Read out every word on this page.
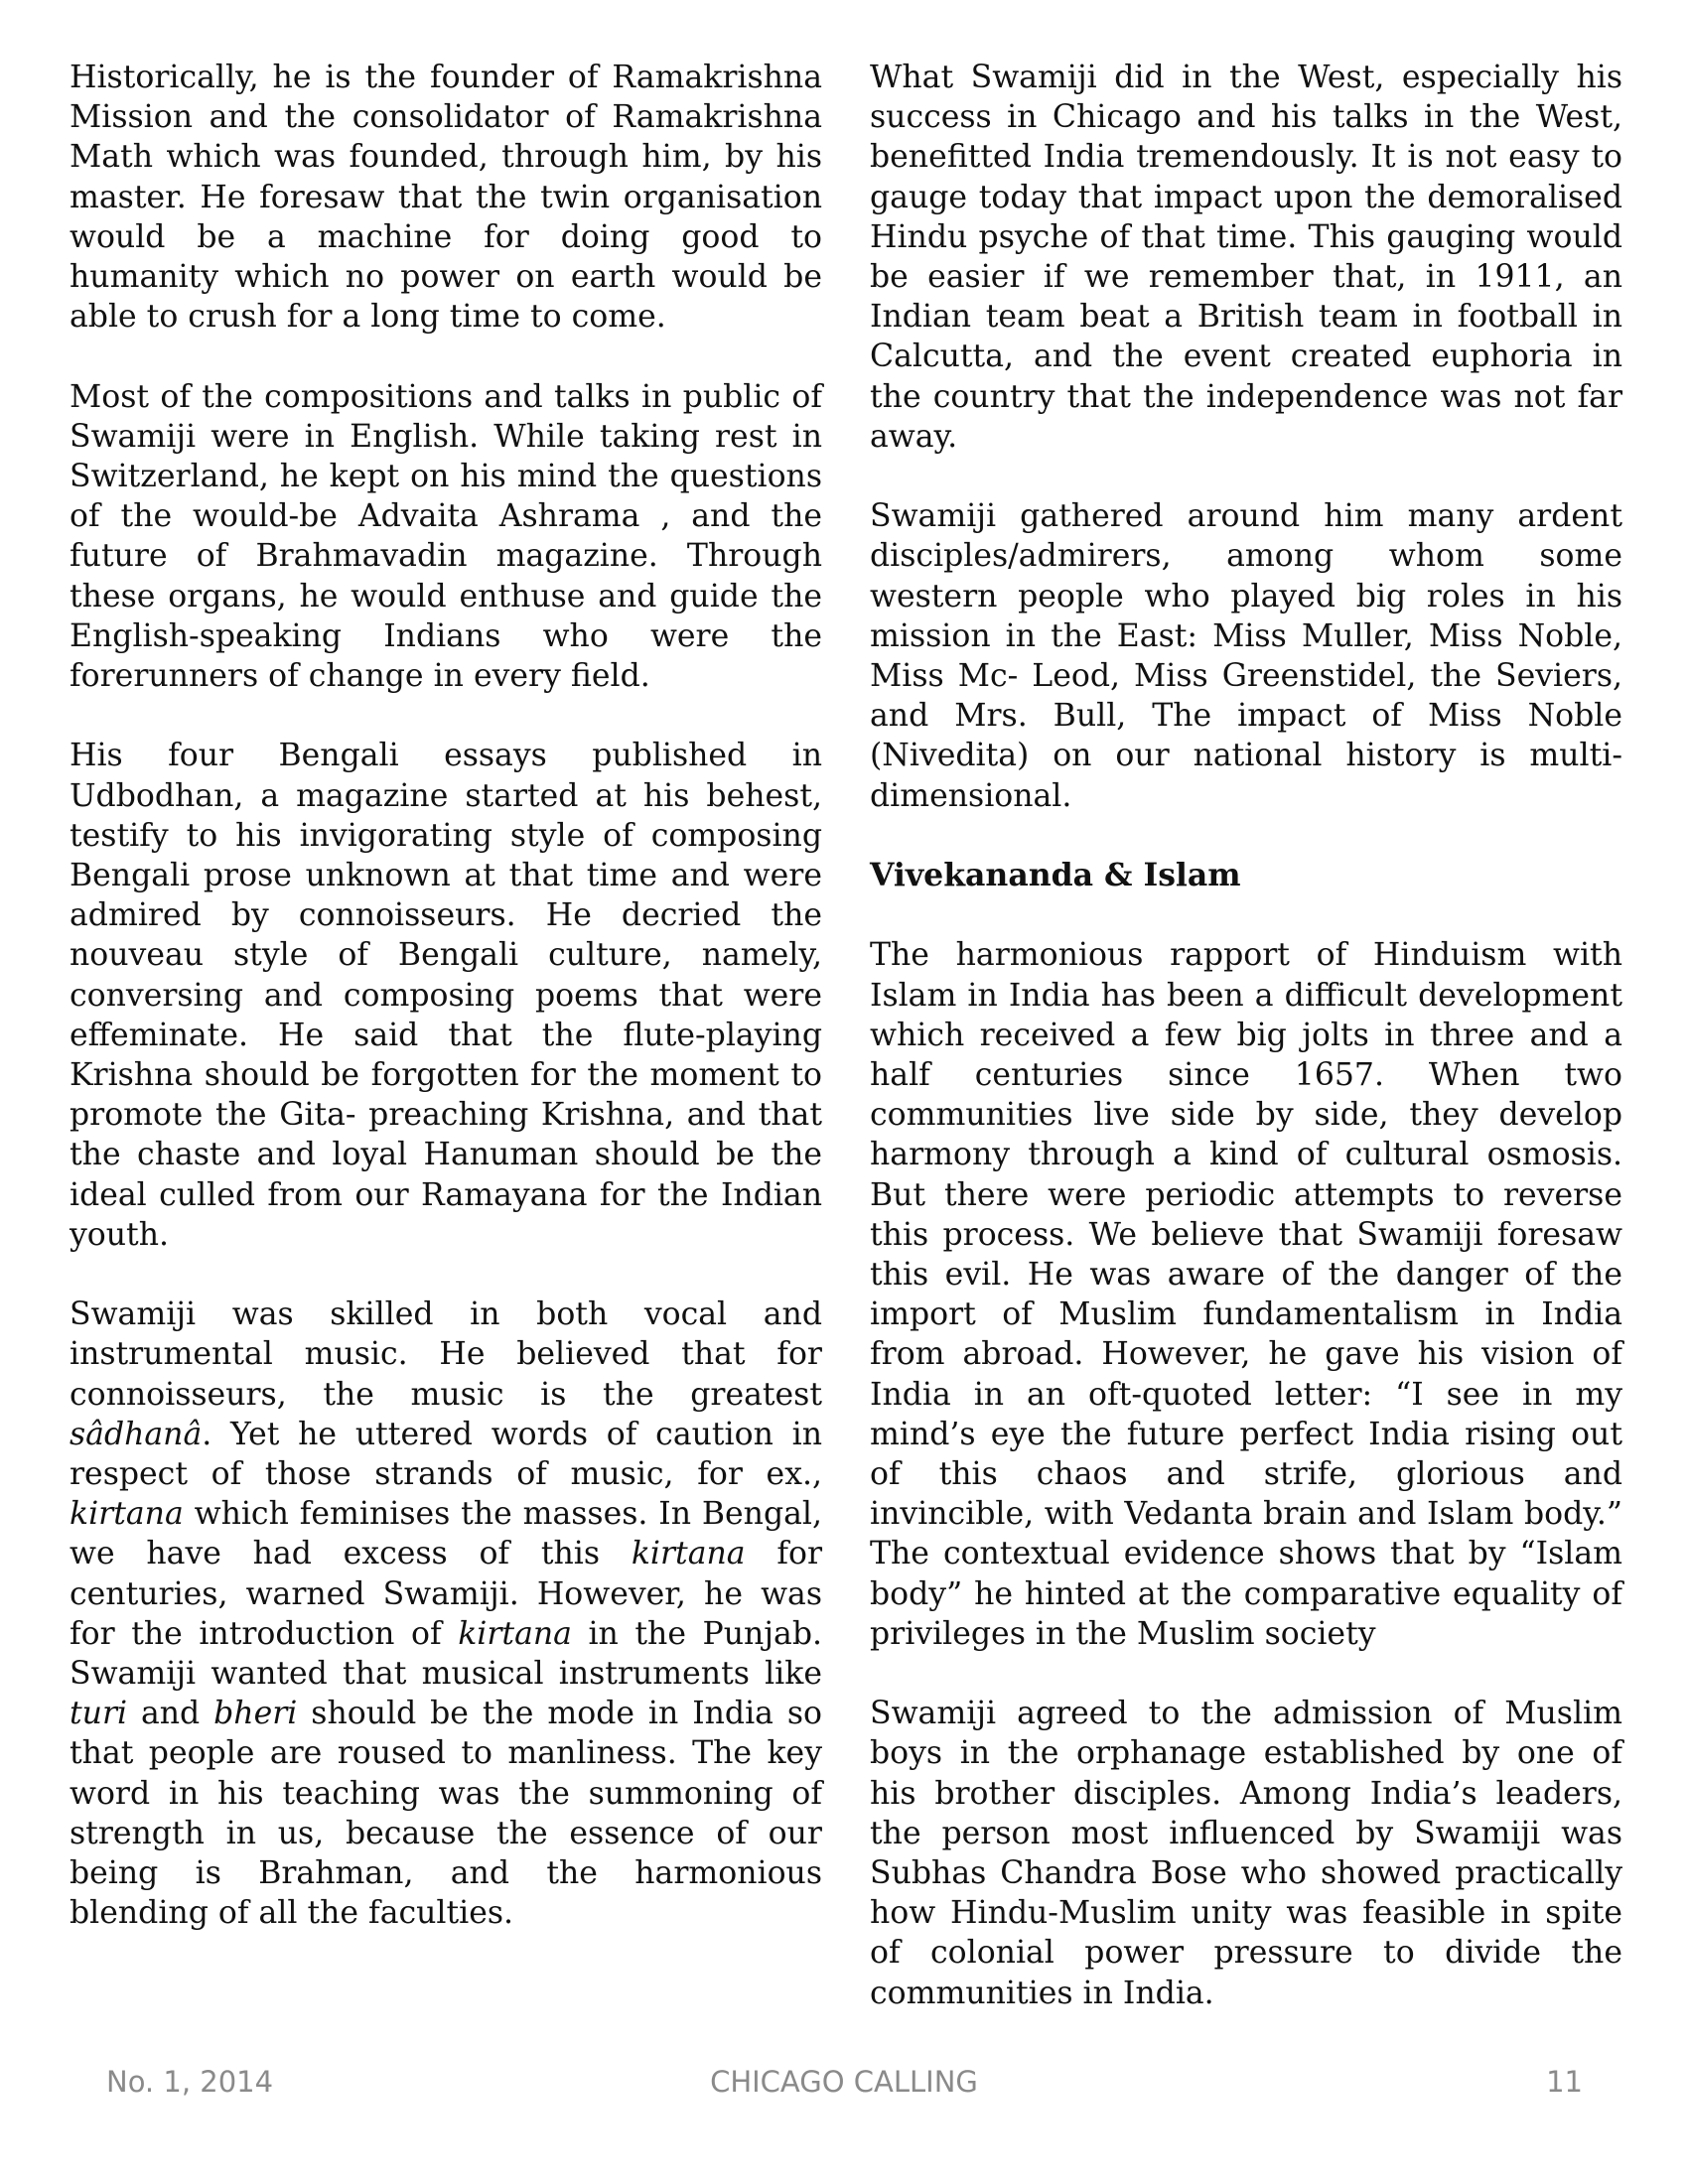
Historically, he is the founder of Ramakrishna Mission and the consolidator of Ramakrishna Math which was founded, through him, by his master. He foresaw that the twin organisation would be a machine for doing good to humanity which no power on earth would be able to crush for a long time to come.

Most of the compositions and talks in public of Swamiji were in English. While taking rest in Switzerland, he kept on his mind the questions of the would-be Advaita Ashrama , and the future of Brahmavadin magazine. Through these organs, he would enthuse and guide the English-speaking Indians who were the forerunners of change in every field.

His four Bengali essays published in Udbodhan, a magazine started at his behest, testify to his invigorating style of composing Bengali prose unknown at that time and were admired by connoisseurs. He decried the nouveau style of Bengali culture, namely, conversing and composing poems that were effeminate. He said that the flute-playing Krishna should be forgotten for the moment to promote the Gita- preaching Krishna, and that the chaste and loyal Hanuman should be the ideal culled from our Ramayana for the Indian youth.

Swamiji was skilled in both vocal and instrumental music. He believed that for connoisseurs, the music is the greatest sâdhanâ. Yet he uttered words of caution in respect of those strands of music, for ex., kirtana which feminises the masses. In Bengal, we have had excess of this kirtana for centuries, warned Swamiji. However, he was for the introduction of kirtana in the Punjab. Swamiji wanted that musical instruments like turi and bheri should be the mode in India so that people are roused to manliness. The key word in his teaching was the summoning of strength in us, because the essence of our being is Brahman, and the harmonious blending of all the faculties.

What Swamiji did in the West, especially his success in Chicago and his talks in the West, benefitted India tremendously. It is not easy to gauge today that impact upon the demoralised Hindu psyche of that time. This gauging would be easier if we remember that, in 1911, an Indian team beat a British team in football in Calcutta, and the event created euphoria in the country that the independence was not far away.

Swamiji gathered around him many ardent disciples/admirers, among whom some western people who played big roles in his mission in the East: Miss Muller, Miss Noble, Miss Mc- Leod, Miss Greenstidel, the Seviers, and Mrs. Bull, The impact of Miss Noble (Nivedita) on our national history is multi-dimensional.

Vivekananda & Islam

The harmonious rapport of Hinduism with Islam in India has been a difficult development which received a few big jolts in three and a half centuries since 1657. When two communities live side by side, they develop harmony through a kind of cultural osmosis. But there were periodic attempts to reverse this process. We believe that Swamiji foresaw this evil. He was aware of the danger of the import of Muslim fundamentalism in India from abroad. However, he gave his vision of India in an oft-quoted letter: “I see in my mind’s eye the future perfect India rising out of this chaos and strife, glorious and invincible, with Vedanta brain and Islam body.” The contextual evidence shows that by “Islam body” he hinted at the comparative equality of privileges in the Muslim society

Swamiji agreed to the admission of Muslim boys in the orphanage established by one of his brother disciples. Among India’s leaders, the person most influenced by Swamiji was Subhas Chandra Bose who showed practically how Hindu-Muslim unity was feasible in spite of colonial power pressure to divide the communities in India.

No. 1, 2014	CHICAGO CALLING	11
